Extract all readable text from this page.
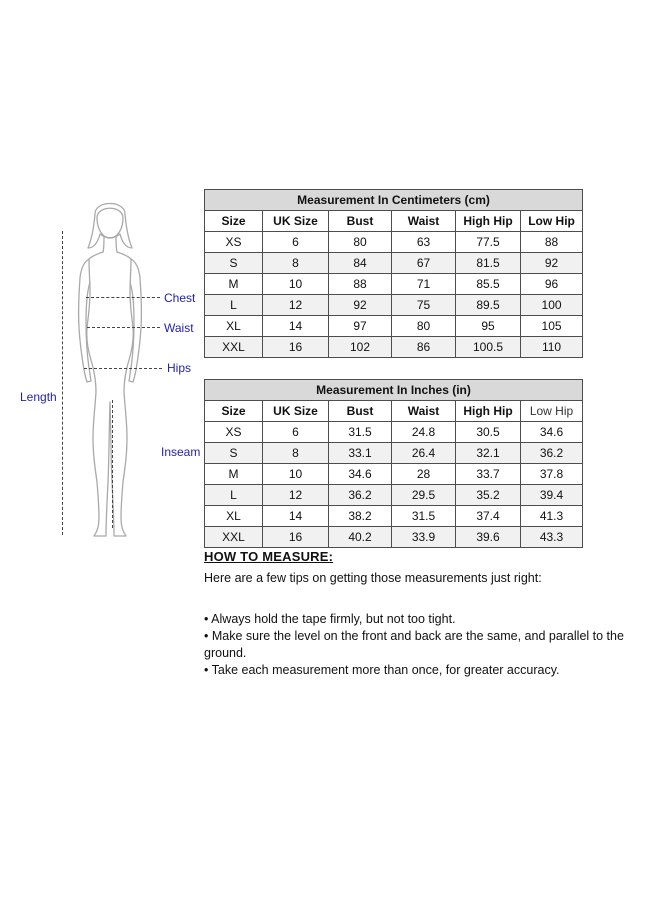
Chest
Waist
Hips
Length
Inseam
Measurement In Centimeters (cm)					
Size	UK Size	Bust	Waist	High Hip	Low Hip
XS	6	80	63	77.5	88
S	8	84	67	81.5	92
M	10	88	71	85.5	96
L	12	92	75	89.5	100
XL	14	97	80	95	105
XXL	16	102	86	100.5	110
Measurement In Inches (in)					
Size	UK Size	Bust	Waist	High Hip	Low Hip
XS	6	31.5	24.8	30.5	34.6
S	8	33.1	26.4	32.1	36.2
M	10	34.6	28	33.7	37.8
L	12	36.2	29.5	35.2	39.4
XL	14	38.2	31.5	37.4	41.3
XXL	16	40.2	33.9	39.6	43.3
HOW TO MEASURE:
Here are a few tips on getting those measurements just right:
• Always hold the tape firmly, but not too tight.
• Make sure the level on the front and back are the same, and parallel to the ground.
• Take each measurement more than once, for greater accuracy.
